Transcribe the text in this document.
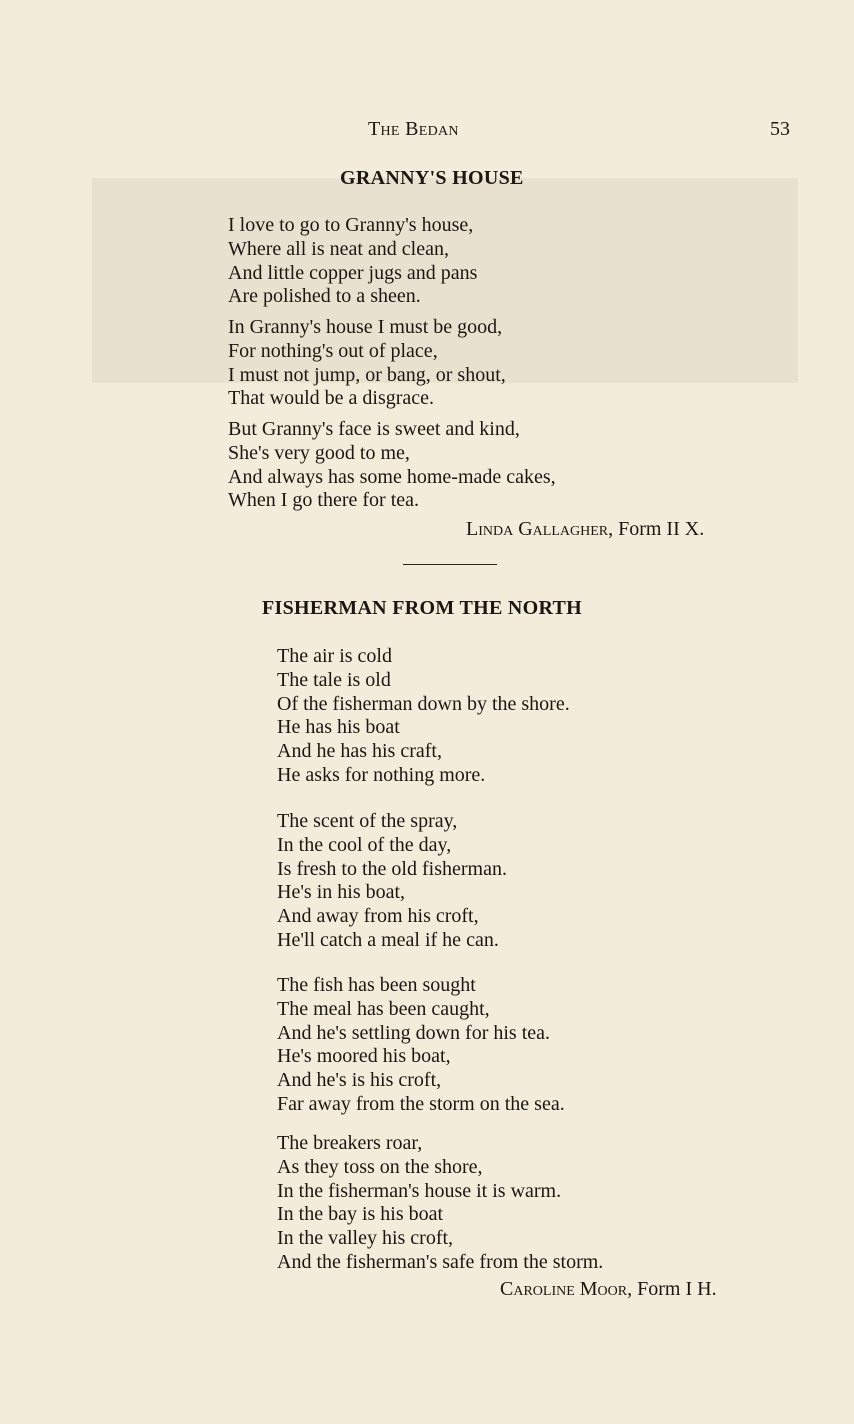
The Bedan	53
GRANNY'S HOUSE
I love to go to Granny's house,
Where all is neat and clean,
And little copper jugs and pans
Are polished to a sheen.
In Granny's house I must be good,
For nothing's out of place,
I must not jump, or bang, or shout,
That would be a disgrace.
But Granny's face is sweet and kind,
She's very good to me,
And always has some home-made cakes,
When I go there for tea.
Linda Gallagher, Form II X.
FISHERMAN FROM THE NORTH
The air is cold
The tale is old
Of the fisherman down by the shore.
He has his boat
And he has his craft,
He asks for nothing more.
The scent of the spray,
In the cool of the day,
Is fresh to the old fisherman.
He's in his boat,
And away from his croft,
He'll catch a meal if he can.
The fish has been sought
The meal has been caught,
And he's settling down for his tea.
He's moored his boat,
And he's is his croft,
Far away from the storm on the sea.
The breakers roar,
As they toss on the shore,
In the fisherman's house it is warm.
In the bay is his boat
In the valley his croft,
And the fisherman's safe from the storm.
Caroline Moor, Form I H.
